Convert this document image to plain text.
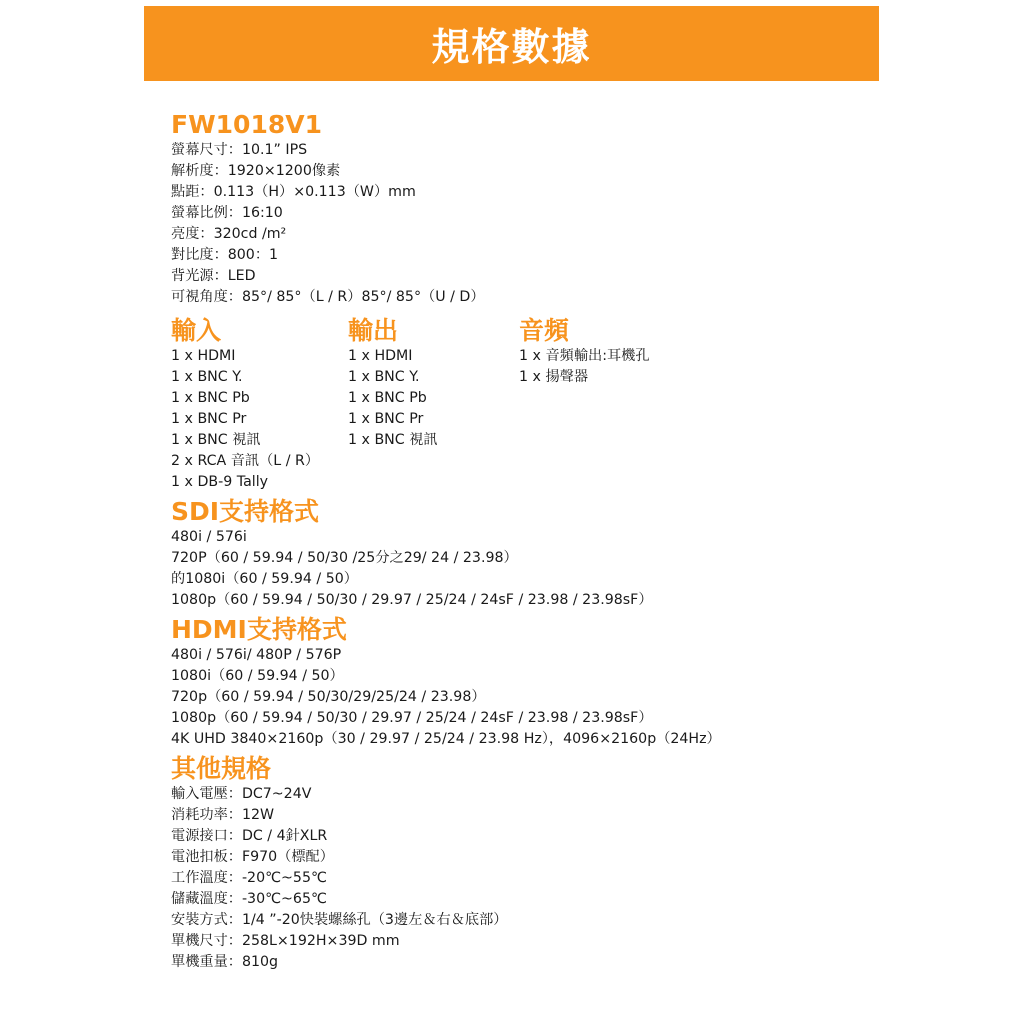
規格數據
FW1018V1
螢幕尺寸：10.1” IPS
解析度：1920×1200像素
點距：0.113（H）×0.113（W）mm
螢幕比例：16:10
亮度：320cd /m²
對比度：800：1
背光源：LED
可視角度：85°/ 85°（L / R）85°/ 85°（U / D）
輸入
1 x HDMI
1 x BNC Y.
1 x BNC Pb
1 x BNC Pr
1 x BNC 視訊
2 x RCA 音訊（L / R）
1 x DB-9 Tally
輸出
1 x HDMI
1 x BNC Y.
1 x BNC Pb
1 x BNC Pr
1 x BNC 視訊
音頻
1 x 音頻輸出:耳機孔
1 x 揚聲器
SDI支持格式
480i / 576i
720P（60 / 59.94 / 50/30 /25分之29/ 24 / 23.98）
的1080i（60 / 59.94 / 50）
1080p（60 / 59.94 / 50/30 / 29.97 / 25/24 / 24sF / 23.98 / 23.98sF）
HDMI支持格式
480i / 576i/ 480P / 576P
1080i（60 / 59.94 / 50）
720p（60 / 59.94 / 50/30/29/25/24 / 23.98）
1080p（60 / 59.94 / 50/30 / 29.97 / 25/24 / 24sF / 23.98 / 23.98sF）
4K UHD 3840×2160p（30 / 29.97 / 25/24 / 23.98 Hz），4096×2160p（24Hz）
其他規格
輸入電壓：DC7~24V
消耗功率：12W
電源接口：DC / 4針XLR
電池扣板：F970（標配）
工作溫度：-20℃~55℃
儲藏溫度：-30℃~65℃
安裝方式：1/4 ”-20快裝螺絲孔（3邊左＆右＆底部）
單機尺寸：258L×192H×39D mm
單機重量：810g
